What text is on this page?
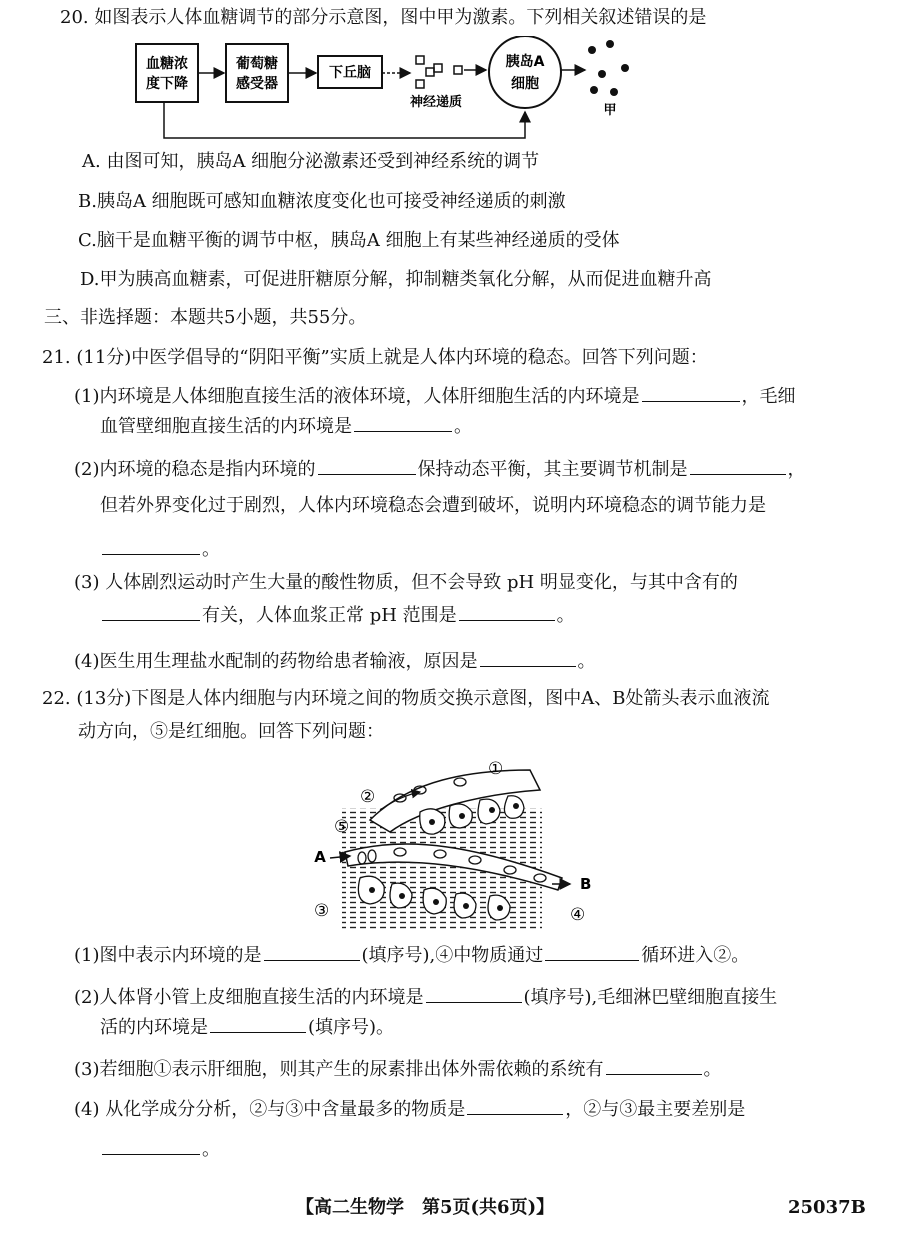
20. 如图表示人体血糖调节的部分示意图，图中甲为激素。下列相关叙述错误的是
血糖浓
度下降
葡萄糖
感受器
下丘脑
神经递质
胰岛A
细胞
甲
A. 由图可知，胰岛A 细胞分泌激素还受到神经系统的调节
B.胰岛A 细胞既可感知血糖浓度变化也可接受神经递质的刺激
C.脑干是血糖平衡的调节中枢，胰岛A 细胞上有某些神经递质的受体
D.甲为胰高血糖素，可促进肝糖原分解，抑制糖类氧化分解，从而促进血糖升高
三、非选择题：本题共5小题，共55分。
21. (11分)中医学倡导的“阴阳平衡”实质上就是人体内环境的稳态。回答下列问题：
(1)内环境是人体细胞直接生活的液体环境，人体肝细胞生活的内环境是	，毛细
血管壁细胞直接生活的内环境是	。
(2)内环境的稳态是指内环境的	保持动态平衡，其主要调节机制是	，
但若外界变化过于剧烈，人体内环境稳态会遭到破坏，说明内环境稳态的调节能力是
。
(3) 人体剧烈运动时产生大量的酸性物质，但不会导致 pH 明显变化，与其中含有的
有关，人体血浆正常 pH 范围是	。
(4)医生用生理盐水配制的药物给患者输液，原因是	。
22. (13分)下图是人体内细胞与内环境之间的物质交换示意图，图中A、B处箭头表示血液流
动方向，⑤是红细胞。回答下列问题：
A
B
①
②
③	④
⑤
(1)图中表示内环境的是	(填序号),④中物质通过	循环进入②。
(2)人体肾小管上皮细胞直接生活的内环境是	(填序号),毛细淋巴壁细胞直接生
活的内环境是	(填序号)。
(3)若细胞①表示肝细胞，则其产生的尿素排出体外需依赖的系统有	。
(4) 从化学成分分析，②与③中含量最多的物质是	，②与③最主要差别是
。
【高二生物学　第5页(共6页)】	25037B
